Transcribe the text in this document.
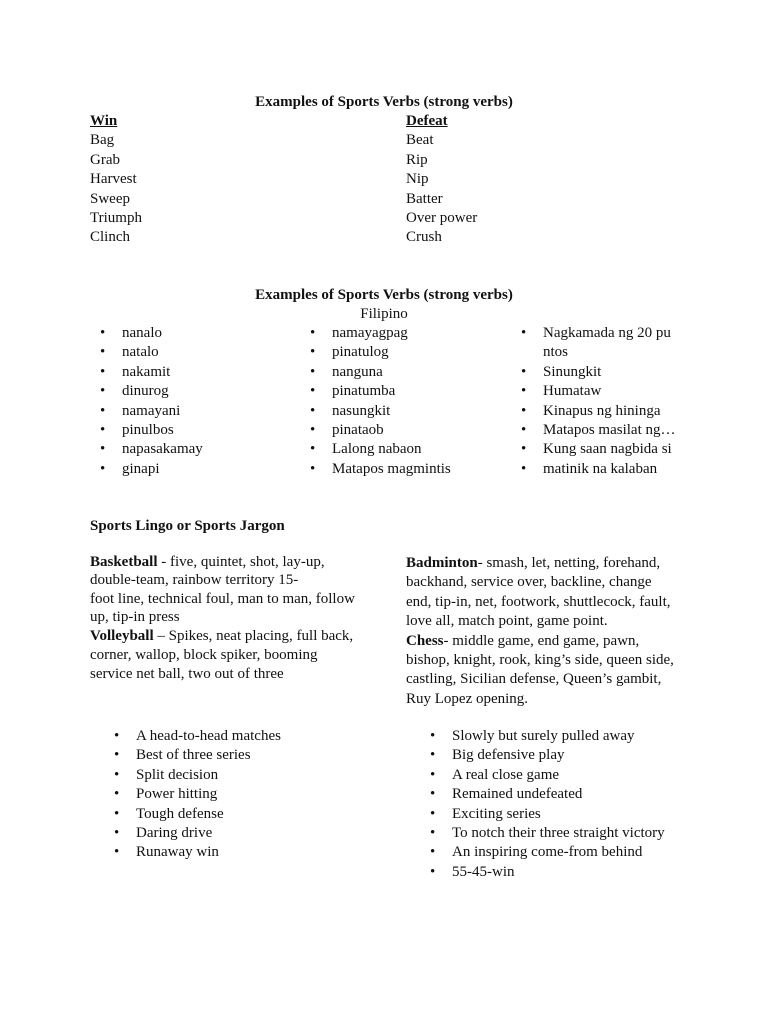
Examples of Sports Verbs (strong verbs)
Win
Bag
Grab
Harvest
Sweep
Triumph
Clinch
Defeat
Beat
Rip
Nip
Batter
Over power
Crush
Examples of Sports Verbs (strong verbs)
Filipino
• nanalo
• natalo
• nakamit
• dinurog
• namayani
• pinulbos
• napasakamay
• ginapi
• namayagpag
• pinatulog
• nanguna
• pinatumba
• nasungkit
• pinataob
• Lalong nabaon
• Matapos magmintis
• Nagkamada ng 20 pu
ntos
• Sinungkit
• Humataw
• Kinapus ng hininga
• Matapos masilat ng…
• Kung saan nagbida si
• matinik na kalaban
Sports Lingo or Sports Jargon
Basketball - five, quintet, shot, lay-up,
double-team, rainbow territory 15-
foot line, technical foul, man to man, follow
up, tip-in press
Volleyball – Spikes, neat placing, full back,
corner, wallop, block spiker, booming
service net ball, two out of three
Badminton- smash, let, netting, forehand,
backhand, service over, backline, change
end, tip-in, net, footwork, shuttlecock, fault,
love all, match point, game point.
Chess- middle game, end game, pawn,
bishop, knight, rook, king’s side, queen side,
castling, Sicilian defense, Queen’s gambit,
Ruy Lopez opening.
• A head-to-head matches
• Best of three series
• Split decision
• Power hitting
• Tough defense
• Daring drive
• Runaway win
• Slowly but surely pulled away
• Big defensive play
• A real close game
• Remained undefeated
• Exciting series
• To notch their three straight victory
• An inspiring come-from behind
• 55-45-win
